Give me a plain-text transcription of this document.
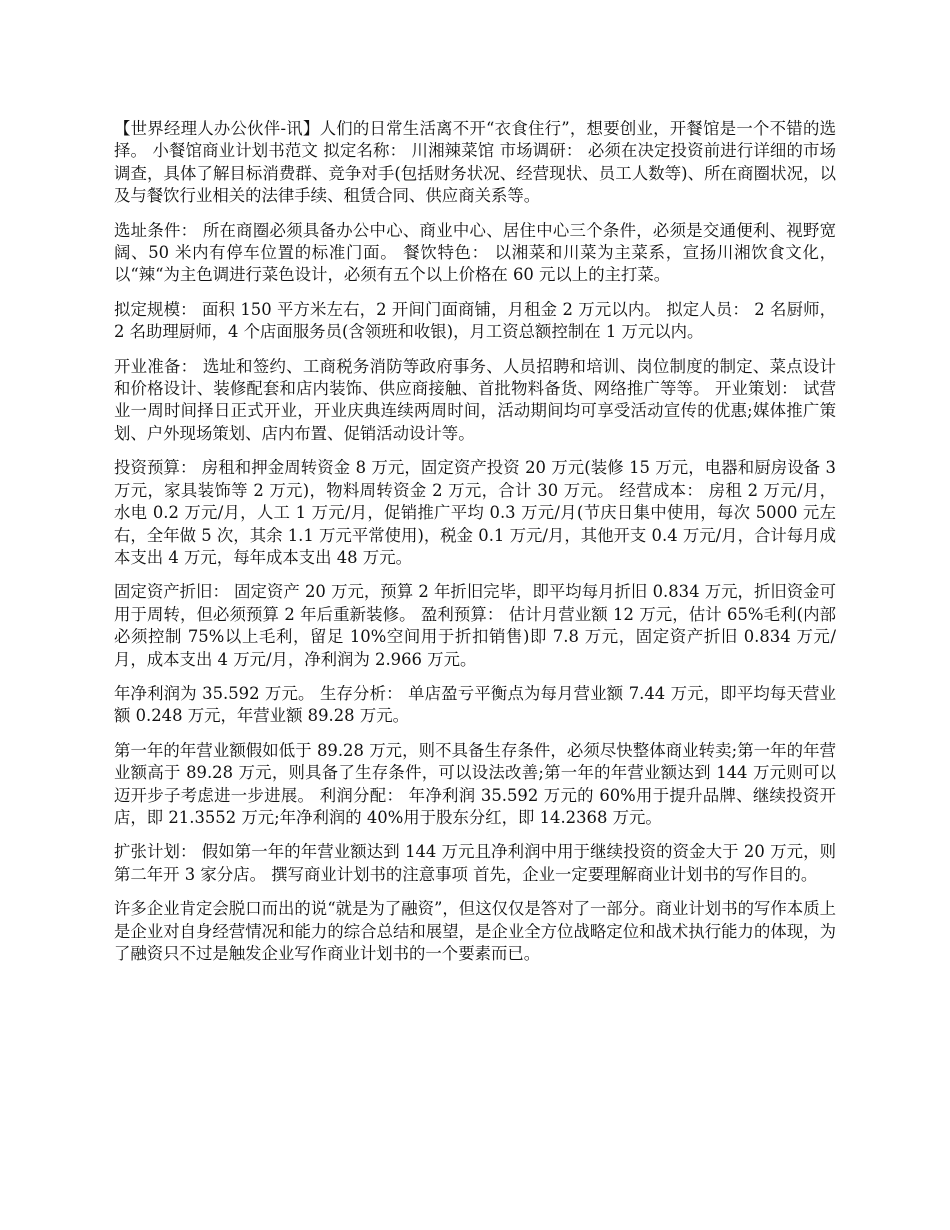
【世界经理人办公伙伴-讯】人们的日常生活离不开“衣食住行”，想要创业，开餐馆是一个不错的选择。 小餐馆商业计划书范文 拟定名称： 川湘辣菜馆 市场调研： 必须在决定投资前进行详细的市场调查，具体了解目标消费群、竞争对手(包括财务状况、经营现状、员工人数等)、所在商圈状况，以及与餐饮行业相关的法律手续、租赁合同、供应商关系等。

选址条件： 所在商圈必须具备办公中心、商业中心、居住中心三个条件，必须是交通便利、视野宽阔、50 米内有停车位置的标准门面。 餐饮特色： 以湘菜和川菜为主菜系，宣扬川湘饮食文化，以“辣“为主色调进行菜色设计，必须有五个以上价格在 60 元以上的主打菜。

拟定规模： 面积 150 平方米左右，2 开间门面商铺，月租金 2 万元以内。 拟定人员： 2 名厨师，2 名助理厨师，4 个店面服务员(含领班和收银)，月工资总额控制在 1 万元以内。

开业准备： 选址和签约、工商税务消防等政府事务、人员招聘和培训、岗位制度的制定、菜点设计和价格设计、装修配套和店内装饰、供应商接触、首批物料备货、网络推广等等。 开业策划： 试营业一周时间择日正式开业，开业庆典连续两周时间，活动期间均可享受活动宣传的优惠;媒体推广策划、户外现场策划、店内布置、促销活动设计等。

投资预算： 房租和押金周转资金 8 万元，固定资产投资 20 万元(装修 15 万元，电器和厨房设备 3 万元，家具装饰等 2 万元)，物料周转资金 2 万元，合计 30 万元。 经营成本： 房租 2 万元/月，水电 0.2 万元/月，人工 1 万元/月，促销推广平均 0.3 万元/月(节庆日集中使用，每次 5000 元左右，全年做 5 次，其余 1.1 万元平常使用)，税金 0.1 万元/月，其他开支 0.4 万元/月，合计每月成本支出 4 万元，每年成本支出 48 万元。

固定资产折旧： 固定资产 20 万元，预算 2 年折旧完毕，即平均每月折旧 0.834 万元，折旧资金可用于周转，但必须预算 2 年后重新装修。 盈利预算： 估计月营业额 12 万元，估计 65%毛利(内部必须控制 75%以上毛利，留足 10%空间用于折扣销售)即 7.8 万元，固定资产折旧 0.834 万元/月，成本支出 4 万元/月，净利润为 2.966 万元。

年净利润为 35.592 万元。 生存分析： 单店盈亏平衡点为每月营业额 7.44 万元，即平均每天营业额 0.248 万元，年营业额 89.28 万元。

第一年的年营业额假如低于 89.28 万元，则不具备生存条件，必须尽快整体商业转卖;第一年的年营业额高于 89.28 万元，则具备了生存条件，可以设法改善;第一年的年营业额达到 144 万元则可以迈开步子考虑进一步进展。 利润分配： 年净利润 35.592 万元的 60%用于提升品牌、继续投资开店，即 21.3552 万元;年净利润的 40%用于股东分红，即 14.2368 万元。

扩张计划： 假如第一年的年营业额达到 144 万元且净利润中用于继续投资的资金大于 20 万元，则第二年开 3 家分店。 撰写商业计划书的注意事项 首先，企业一定要理解商业计划书的写作目的。

许多企业肯定会脱口而出的说“就是为了融资”，但这仅仅是答对了一部分。商业计划书的写作本质上是企业对自身经营情况和能力的综合总结和展望，是企业全方位战略定位和战术执行能力的体现，为了融资只不过是触发企业写作商业计划书的一个要素而已。
